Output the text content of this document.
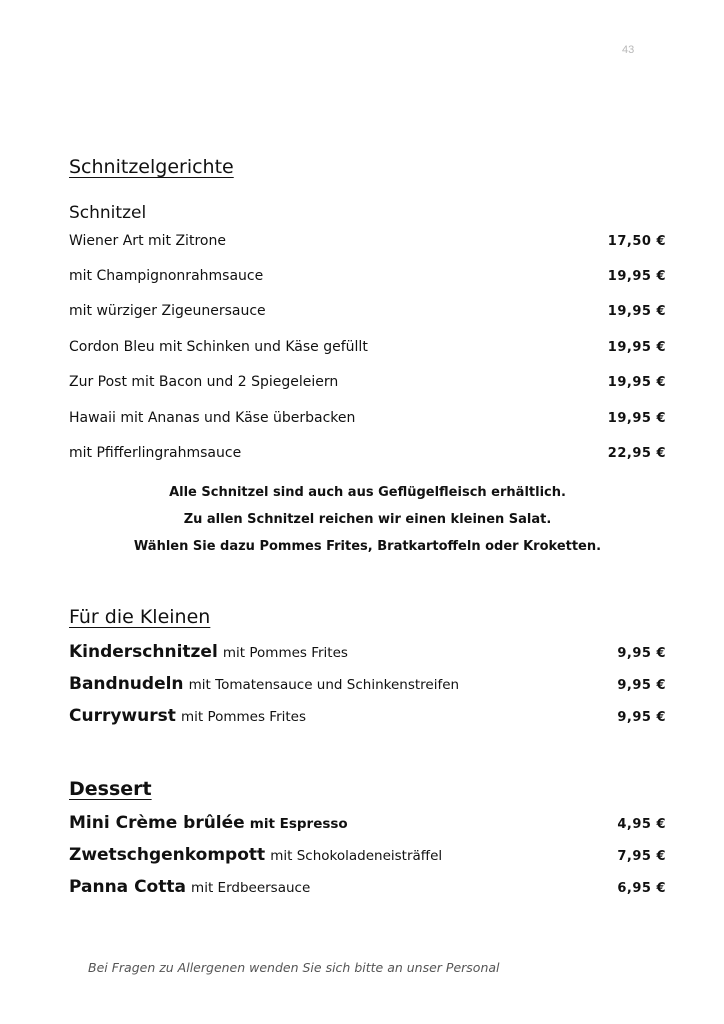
43
Schnitzelgerichte
Schnitzel
Wiener Art mit Zitrone	17,50 €
mit Champignonrahmsauce	19,95 €
mit würziger Zigeunersauce	19,95 €
Cordon Bleu mit Schinken und Käse gefüllt	19,95 €
Zur Post mit Bacon und 2 Spiegeleiern	19,95 €
Hawaii mit Ananas und Käse überbacken	19,95 €
mit Pfifferlingrahmsauce	22,95 €
Alle Schnitzel sind auch aus Geflügelfleisch erhältlich.
Zu allen Schnitzel reichen wir einen kleinen Salat.
Wählen Sie dazu Pommes Frites, Bratkartoffeln oder Kroketten.
Für die Kleinen
Kinderschnitzel mit Pommes Frites	9,95 €
Bandnudeln mit Tomatensauce und Schinkenstreifen	9,95 €
Currywurst mit Pommes Frites	9,95 €
Dessert
Mini Crème brûlée mit Espresso	4,95 €
Zwetschgenkompott mit Schokoladeneisträffel	7,95 €
Panna Cotta mit Erdbeersauce	6,95 €
Bei Fragen zu Allergenen wenden Sie sich bitte an unser Personal
